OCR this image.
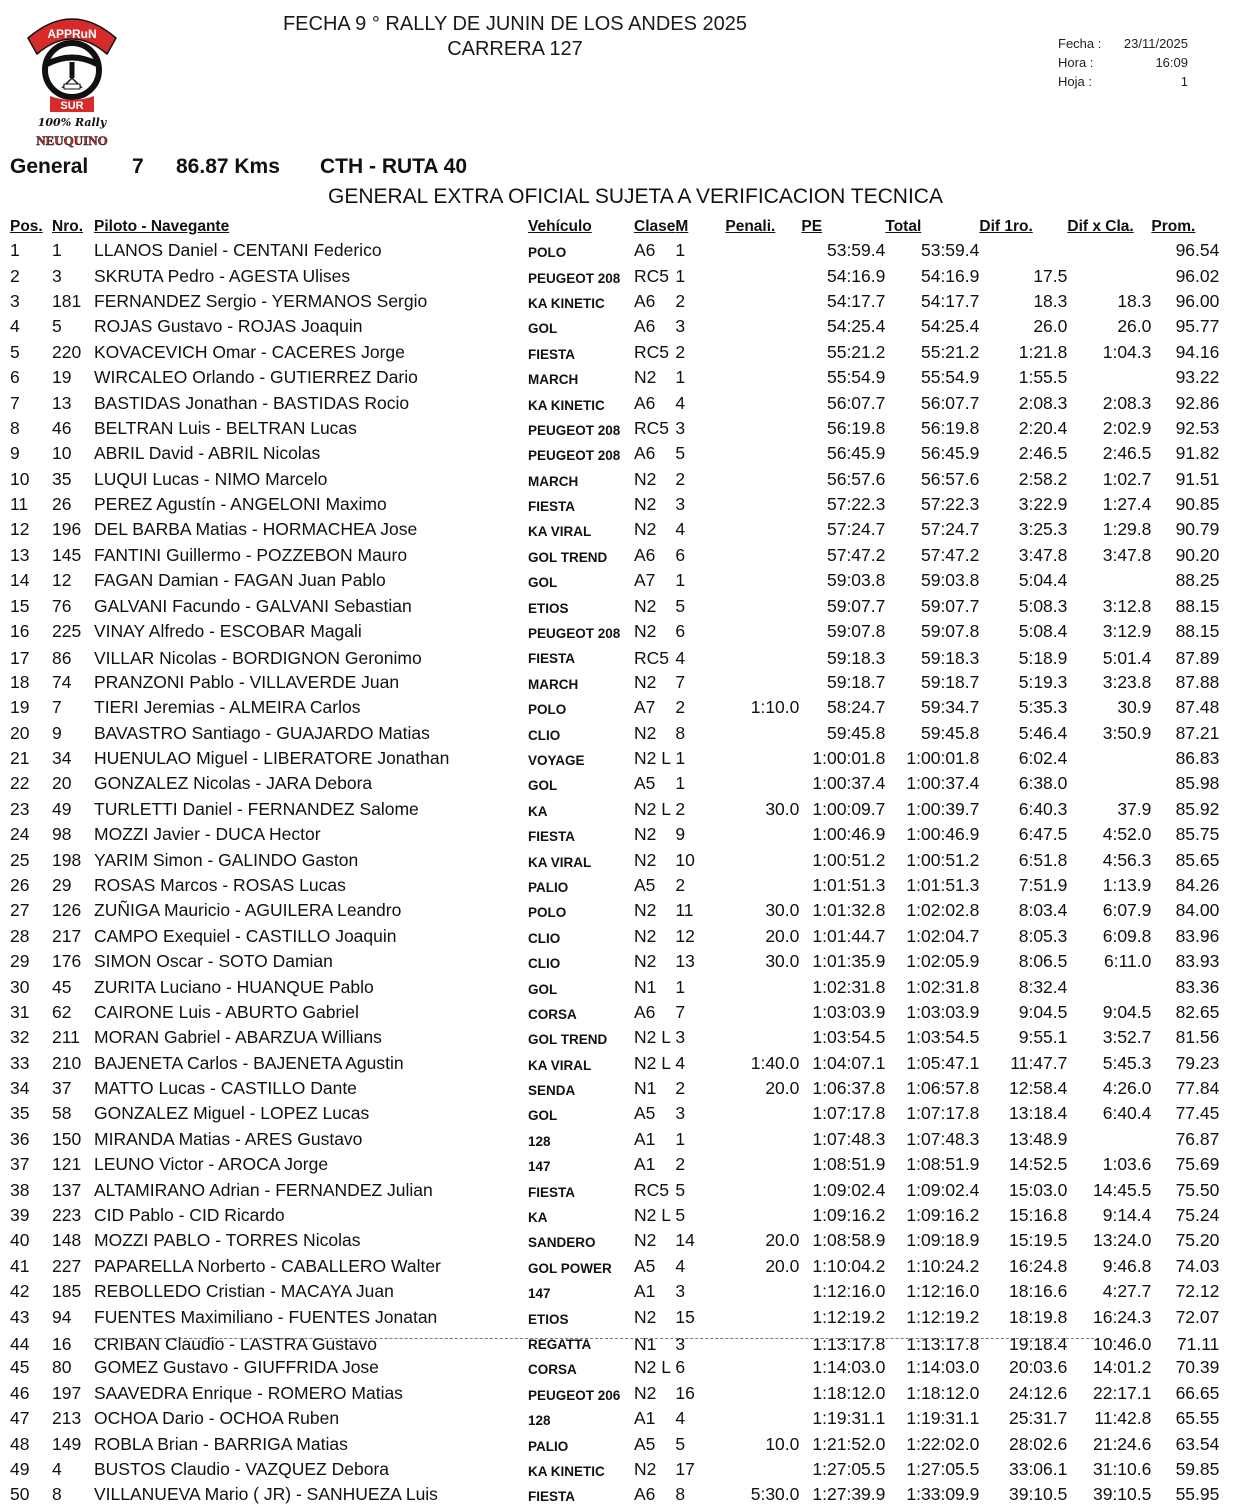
APPRuN
SUR
100% Rally
NEUQUINO
FECHA 9 ° RALLY DE JUNIN DE LOS ANDES 2025
CARRERA 127	Fecha : 23/11/2025
Hora :	16:09
Hoja :	1
General 7 86.87 Kms CTH - RUTA 40
GENERAL EXTRA OFICIAL SUJETA A VERIFICACION TECNICA
Pos.	Nro.	Piloto - Navegante	Vehículo	Clase	M	Penali.	PE	Total	Dif 1ro.	Dif x Cla.	Prom.
1	1	LLANOS Daniel - CENTANI Federico	POLO	A6	1		53:59.4	53:59.4			96.54
2	3	SKRUTA Pedro - AGESTA Ulises	PEUGEOT 208	RC5	1		54:16.9	54:16.9	17.5		96.02
3	181	FERNANDEZ Sergio - YERMANOS Sergio	KA KINETIC	A6	2		54:17.7	54:17.7	18.3	18.3	96.00
4	5	ROJAS Gustavo - ROJAS Joaquin	GOL	A6	3		54:25.4	54:25.4	26.0	26.0	95.77
5	220	KOVACEVICH Omar - CACERES Jorge	FIESTA	RC5	2		55:21.2	55:21.2	1:21.8	1:04.3	94.16
6	19	WIRCALEO Orlando - GUTIERREZ Dario	MARCH	N2	1		55:54.9	55:54.9	1:55.5		93.22
7	13	BASTIDAS Jonathan - BASTIDAS Rocio	KA KINETIC	A6	4		56:07.7	56:07.7	2:08.3	2:08.3	92.86
8	46	BELTRAN Luis - BELTRAN Lucas	PEUGEOT 208	RC5	3		56:19.8	56:19.8	2:20.4	2:02.9	92.53
9	10	ABRIL David - ABRIL Nicolas	PEUGEOT 208	A6	5		56:45.9	56:45.9	2:46.5	2:46.5	91.82
10	35	LUQUI Lucas - NIMO Marcelo	MARCH	N2	2		56:57.6	56:57.6	2:58.2	1:02.7	91.51
11	26	PEREZ Agustín - ANGELONI Maximo	FIESTA	N2	3		57:22.3	57:22.3	3:22.9	1:27.4	90.85
12	196	DEL BARBA Matias - HORMACHEA Jose	KA VIRAL	N2	4		57:24.7	57:24.7	3:25.3	1:29.8	90.79
13	145	FANTINI Guillermo - POZZEBON Mauro	GOL TREND	A6	6		57:47.2	57:47.2	3:47.8	3:47.8	90.20
14	12	FAGAN Damian - FAGAN Juan Pablo	GOL	A7	1		59:03.8	59:03.8	5:04.4		88.25
15	76	GALVANI Facundo - GALVANI Sebastian	ETIOS	N2	5		59:07.7	59:07.7	5:08.3	3:12.8	88.15
16	225	VINAY Alfredo - ESCOBAR Magali	PEUGEOT 208	N2	6		59:07.8	59:07.8	5:08.4	3:12.9	88.15
17	86	VILLAR Nicolas - BORDIGNON Geronimo	FIESTA	RC5	4		59:18.3	59:18.3	5:18.9	5:01.4	87.89
18	74	PRANZONI Pablo - VILLAVERDE Juan	MARCH	N2	7		59:18.7	59:18.7	5:19.3	3:23.8	87.88
19	7	TIERI Jeremias - ALMEIRA Carlos	POLO	A7	2	1:10.0	58:24.7	59:34.7	5:35.3	30.9	87.48
20	9	BAVASTRO Santiago - GUAJARDO Matias	CLIO	N2	8		59:45.8	59:45.8	5:46.4	3:50.9	87.21
21	34	HUENULAO Miguel - LIBERATORE Jonathan	VOYAGE	N2 L	1		1:00:01.8	1:00:01.8	6:02.4		86.83
22	20	GONZALEZ Nicolas - JARA Debora	GOL	A5	1		1:00:37.4	1:00:37.4	6:38.0		85.98
23	49	TURLETTI Daniel - FERNANDEZ Salome	KA	N2 L	2	30.0	1:00:09.7	1:00:39.7	6:40.3	37.9	85.92
24	98	MOZZI Javier - DUCA Hector	FIESTA	N2	9		1:00:46.9	1:00:46.9	6:47.5	4:52.0	85.75
25	198	YARIM Simon - GALINDO Gaston	KA VIRAL	N2	10		1:00:51.2	1:00:51.2	6:51.8	4:56.3	85.65
26	29	ROSAS Marcos - ROSAS Lucas	PALIO	A5	2		1:01:51.3	1:01:51.3	7:51.9	1:13.9	84.26
27	126	ZUÑIGA Mauricio - AGUILERA Leandro	POLO	N2	11	30.0	1:01:32.8	1:02:02.8	8:03.4	6:07.9	84.00
28	217	CAMPO Exequiel - CASTILLO Joaquin	CLIO	N2	12	20.0	1:01:44.7	1:02:04.7	8:05.3	6:09.8	83.96
29	176	SIMON Oscar - SOTO Damian	CLIO	N2	13	30.0	1:01:35.9	1:02:05.9	8:06.5	6:11.0	83.93
30	45	ZURITA Luciano - HUANQUE Pablo	GOL	N1	1		1:02:31.8	1:02:31.8	8:32.4		83.36
31	62	CAIRONE Luis - ABURTO Gabriel	CORSA	A6	7		1:03:03.9	1:03:03.9	9:04.5	9:04.5	82.65
32	211	MORAN Gabriel - ABARZUA Willians	GOL TREND	N2 L	3		1:03:54.5	1:03:54.5	9:55.1	3:52.7	81.56
33	210	BAJENETA Carlos - BAJENETA Agustin	KA VIRAL	N2 L	4	1:40.0	1:04:07.1	1:05:47.1	11:47.7	5:45.3	79.23
34	37	MATTO Lucas - CASTILLO Dante	SENDA	N1	2	20.0	1:06:37.8	1:06:57.8	12:58.4	4:26.0	77.84
35	58	GONZALEZ Miguel - LOPEZ Lucas	GOL	A5	3		1:07:17.8	1:07:17.8	13:18.4	6:40.4	77.45
36	150	MIRANDA Matias - ARES Gustavo	128	A1	1		1:07:48.3	1:07:48.3	13:48.9		76.87
37	121	LEUNO Victor - AROCA Jorge	147	A1	2		1:08:51.9	1:08:51.9	14:52.5	1:03.6	75.69
38	137	ALTAMIRANO Adrian - FERNANDEZ Julian	FIESTA	RC5	5		1:09:02.4	1:09:02.4	15:03.0	14:45.5	75.50
39	223	CID Pablo - CID Ricardo	KA	N2 L	5		1:09:16.2	1:09:16.2	15:16.8	9:14.4	75.24
40	148	MOZZI PABLO - TORRES Nicolas	SANDERO	N2	14	20.0	1:08:58.9	1:09:18.9	15:19.5	13:24.0	75.20
41	227	PAPARELLA Norberto - CABALLERO Walter	GOL POWER	A5	4	20.0	1:10:04.2	1:10:24.2	16:24.8	9:46.8	74.03
42	185	REBOLLEDO Cristian - MACAYA Juan	147	A1	3		1:12:16.0	1:12:16.0	18:16.6	4:27.7	72.12
43	94	FUENTES Maximiliano - FUENTES Jonatan	ETIOS	N2	15		1:12:19.2	1:12:19.2	18:19.8	16:24.3	72.07
44	16	CRIBAN Claudio - LASTRA Gustavo	REGATTA	N1	3		1:13:17.8	1:13:17.8	19:18.4	10:46.0	71.11
45	80	GOMEZ Gustavo - GIUFFRIDA Jose	CORSA	N2 L	6		1:14:03.0	1:14:03.0	20:03.6	14:01.2	70.39
46	197	SAAVEDRA Enrique - ROMERO Matias	PEUGEOT 206	N2	16		1:18:12.0	1:18:12.0	24:12.6	22:17.1	66.65
47	213	OCHOA Dario - OCHOA Ruben	128	A1	4		1:19:31.1	1:19:31.1	25:31.7	11:42.8	65.55
48	149	ROBLA Brian - BARRIGA Matias	PALIO	A5	5	10.0	1:21:52.0	1:22:02.0	28:02.6	21:24.6	63.54
49	4	BUSTOS Claudio - VAZQUEZ Debora	KA KINETIC	N2	17		1:27:05.5	1:27:05.5	33:06.1	31:10.6	59.85
50	8	VILLANUEVA Mario ( JR) - SANHUEZA Luis	FIESTA	A6	8	5:30.0	1:27:39.9	1:33:09.9	39:10.5	39:10.5	55.95
